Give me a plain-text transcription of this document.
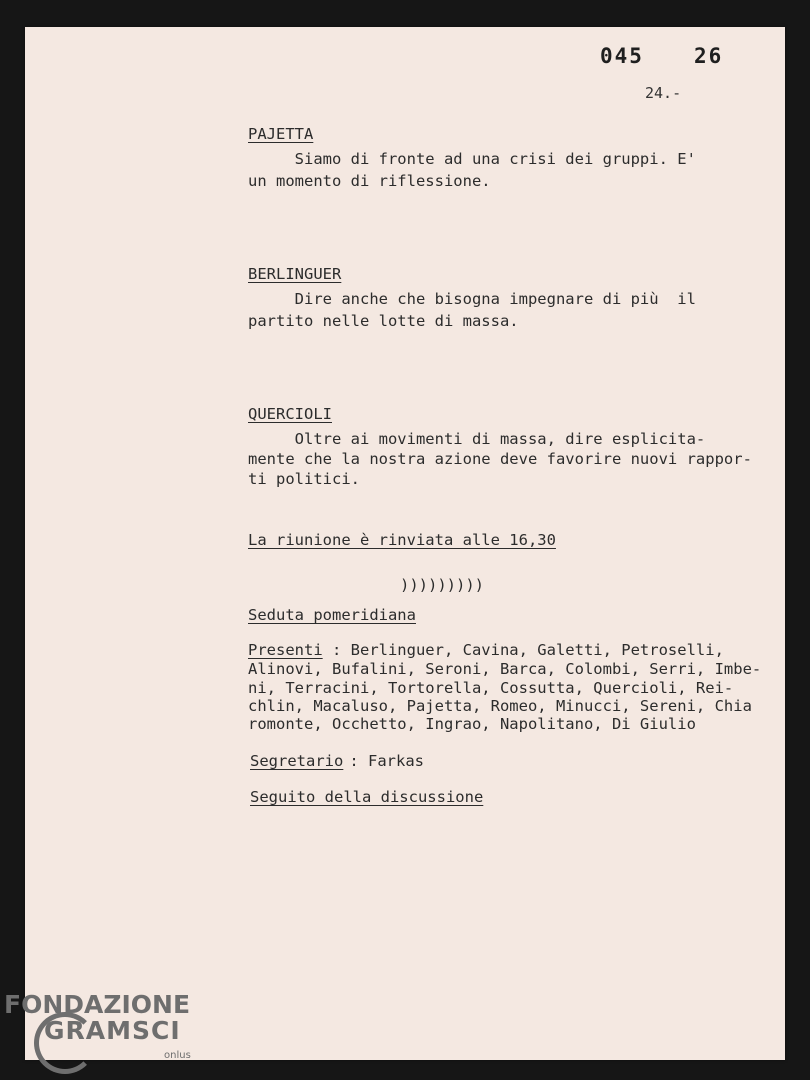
045 26
24.-
PAJETTA
Siamo di fronte ad una crisi dei gruppi. E'
un momento di riflessione.
BERLINGUER
Dire anche che bisogna impegnare di più  il
partito nelle lotte di massa.
QUERCIOLI
Oltre ai movimenti di massa, dire esplicita-
mente che la nostra azione deve favorire nuovi rappor-
ti politici.
La riunione è rinviata alle 16,30
)))))))))
Seduta pomeridiana
Presenti : Berlinguer, Cavina, Galetti, Petroselli,
Alinovi, Bufalini, Seroni, Barca, Colombi, Serri, Imbe-
ni, Terracini, Tortorella, Cossutta, Quercioli, Rei-
chlin, Macaluso, Pajetta, Romeo, Minucci, Sereni, Chia
romonte, Occhetto, Ingrao, Napolitano, Di Giulio
Segretario
: Farkas
Seguito della discussione
FONDAZIONE
GRAMSCI
onlus
